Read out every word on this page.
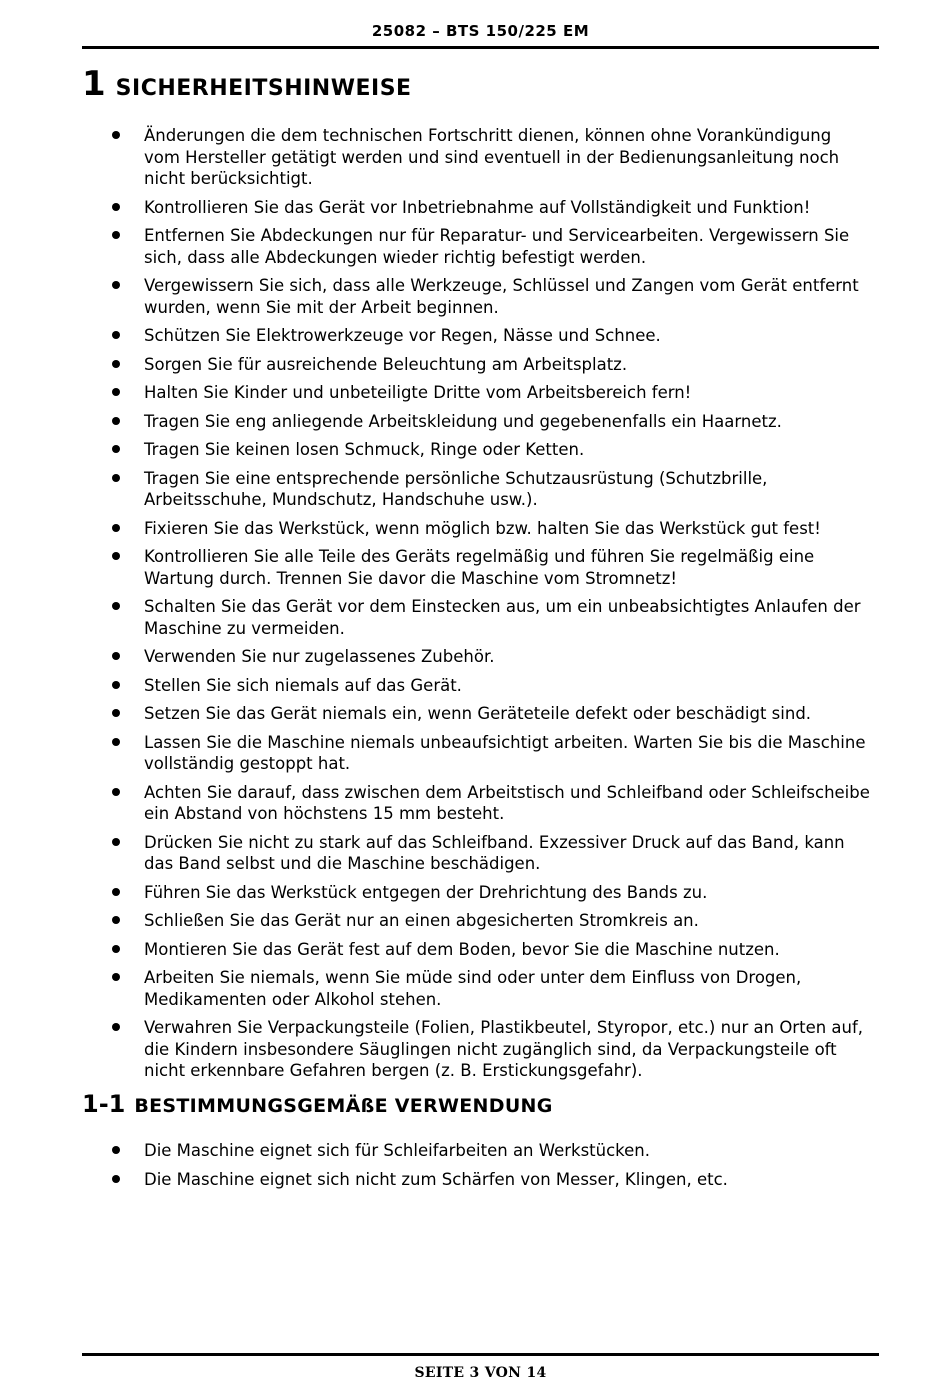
25082 – BTS 150/225 EM
1 SICHERHEITSHINWEISE
Änderungen die dem technischen Fortschritt dienen, können ohne Vorankündigung vom Hersteller getätigt werden und sind eventuell in der Bedienungsanleitung noch nicht berücksichtigt.
Kontrollieren Sie das Gerät vor Inbetriebnahme auf Vollständigkeit und Funktion!
Entfernen Sie Abdeckungen nur für Reparatur- und Servicearbeiten. Vergewissern Sie sich, dass alle Abdeckungen wieder richtig befestigt werden.
Vergewissern Sie sich, dass alle Werkzeuge, Schlüssel und Zangen vom Gerät entfernt wurden, wenn Sie mit der Arbeit beginnen.
Schützen Sie Elektrowerkzeuge vor Regen, Nässe und Schnee.
Sorgen Sie für ausreichende Beleuchtung am Arbeitsplatz.
Halten Sie Kinder und unbeteiligte Dritte vom Arbeitsbereich fern!
Tragen Sie eng anliegende Arbeitskleidung und gegebenenfalls ein Haarnetz.
Tragen Sie keinen losen Schmuck, Ringe oder Ketten.
Tragen Sie eine entsprechende persönliche Schutzausrüstung (Schutzbrille, Arbeitsschuhe, Mundschutz, Handschuhe usw.).
Fixieren Sie das Werkstück, wenn möglich bzw. halten Sie das Werkstück gut fest!
Kontrollieren Sie alle Teile des Geräts regelmäßig und führen Sie regelmäßig eine Wartung durch. Trennen Sie davor die Maschine vom Stromnetz!
Schalten Sie das Gerät vor dem Einstecken aus, um ein unbeabsichtigtes Anlaufen der Maschine zu vermeiden.
Verwenden Sie nur zugelassenes Zubehör.
Stellen Sie sich niemals auf das Gerät.
Setzen Sie das Gerät niemals ein, wenn Geräteteile defekt oder beschädigt sind.
Lassen Sie die Maschine niemals unbeaufsichtigt arbeiten. Warten Sie bis die Maschine vollständig gestoppt hat.
Achten Sie darauf, dass zwischen dem Arbeitstisch und Schleifband oder Schleifscheibe ein Abstand von höchstens 15 mm besteht.
Drücken Sie nicht zu stark auf das Schleifband. Exzessiver Druck auf das Band, kann das Band selbst und die Maschine beschädigen.
Führen Sie das Werkstück entgegen der Drehrichtung des Bands zu.
Schließen Sie das Gerät nur an einen abgesicherten Stromkreis an.
Montieren Sie das Gerät fest auf dem Boden, bevor Sie die Maschine nutzen.
Arbeiten Sie niemals, wenn Sie müde sind oder unter dem Einfluss von Drogen, Medikamenten oder Alkohol stehen.
Verwahren Sie Verpackungsteile (Folien, Plastikbeutel, Styropor, etc.) nur an Orten auf, die Kindern insbesondere Säuglingen nicht zugänglich sind, da Verpackungsteile oft nicht erkennbare Gefahren bergen (z. B. Erstickungsgefahr).
1-1 BESTIMMUNGSGEMÄßE VERWENDUNG
Die Maschine eignet sich für Schleifarbeiten an Werkstücken.
Die Maschine eignet sich nicht zum Schärfen von Messer, Klingen, etc.
SEITE 3 VON 14
